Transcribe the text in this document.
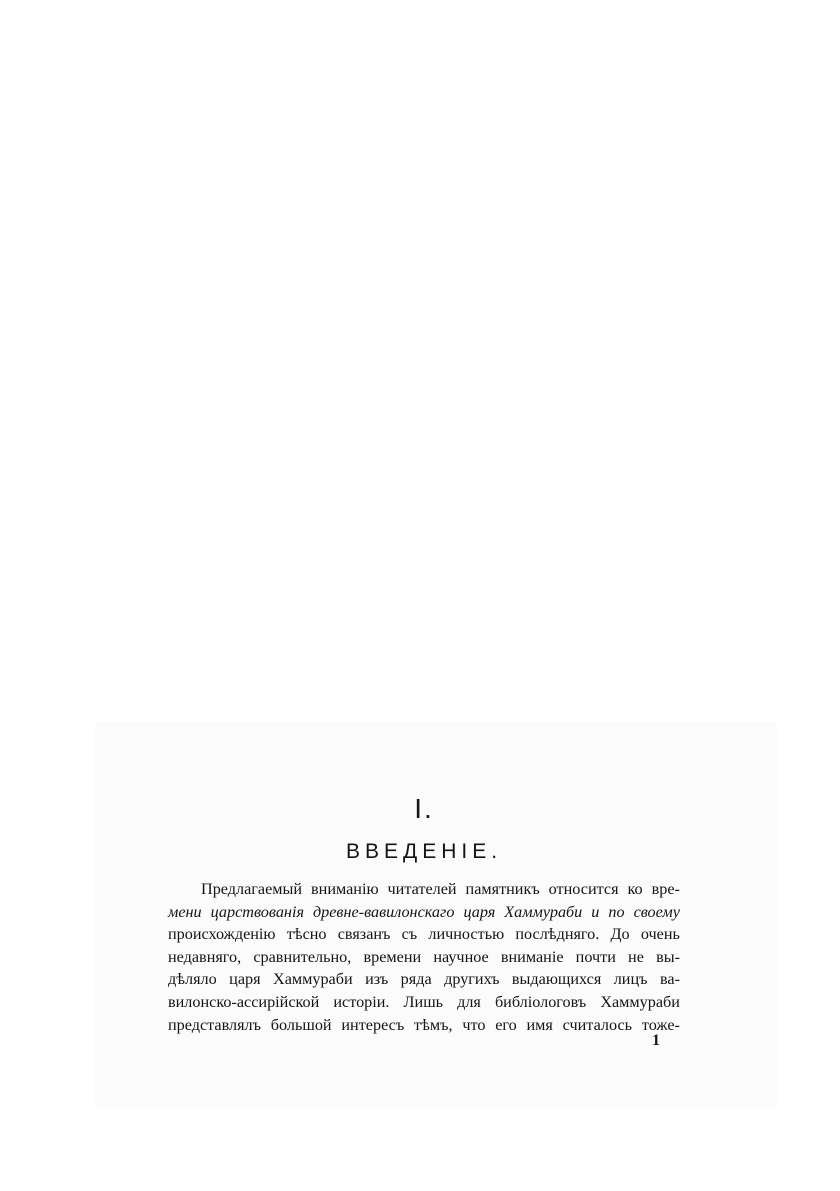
I.
ВВЕДЕНІЕ.
Предлагаемый вниманію читателей памятникъ относится ко вре-
мени царствованія древне-вавилонскаго царя Хаммураби и по своему
происхожденію тѣсно связанъ съ личностью послѣдняго. До очень
недавняго, сравнительно, времени научное вниманіе почти не вы-
дѣляло царя Хаммураби изъ ряда другихъ выдающихся лицъ ва-
вилонско-ассирійской исторіи. Лишь для библіологовъ Хаммураби
представлялъ большой интересъ тѣмъ, что его имя считалось тоже-
1
